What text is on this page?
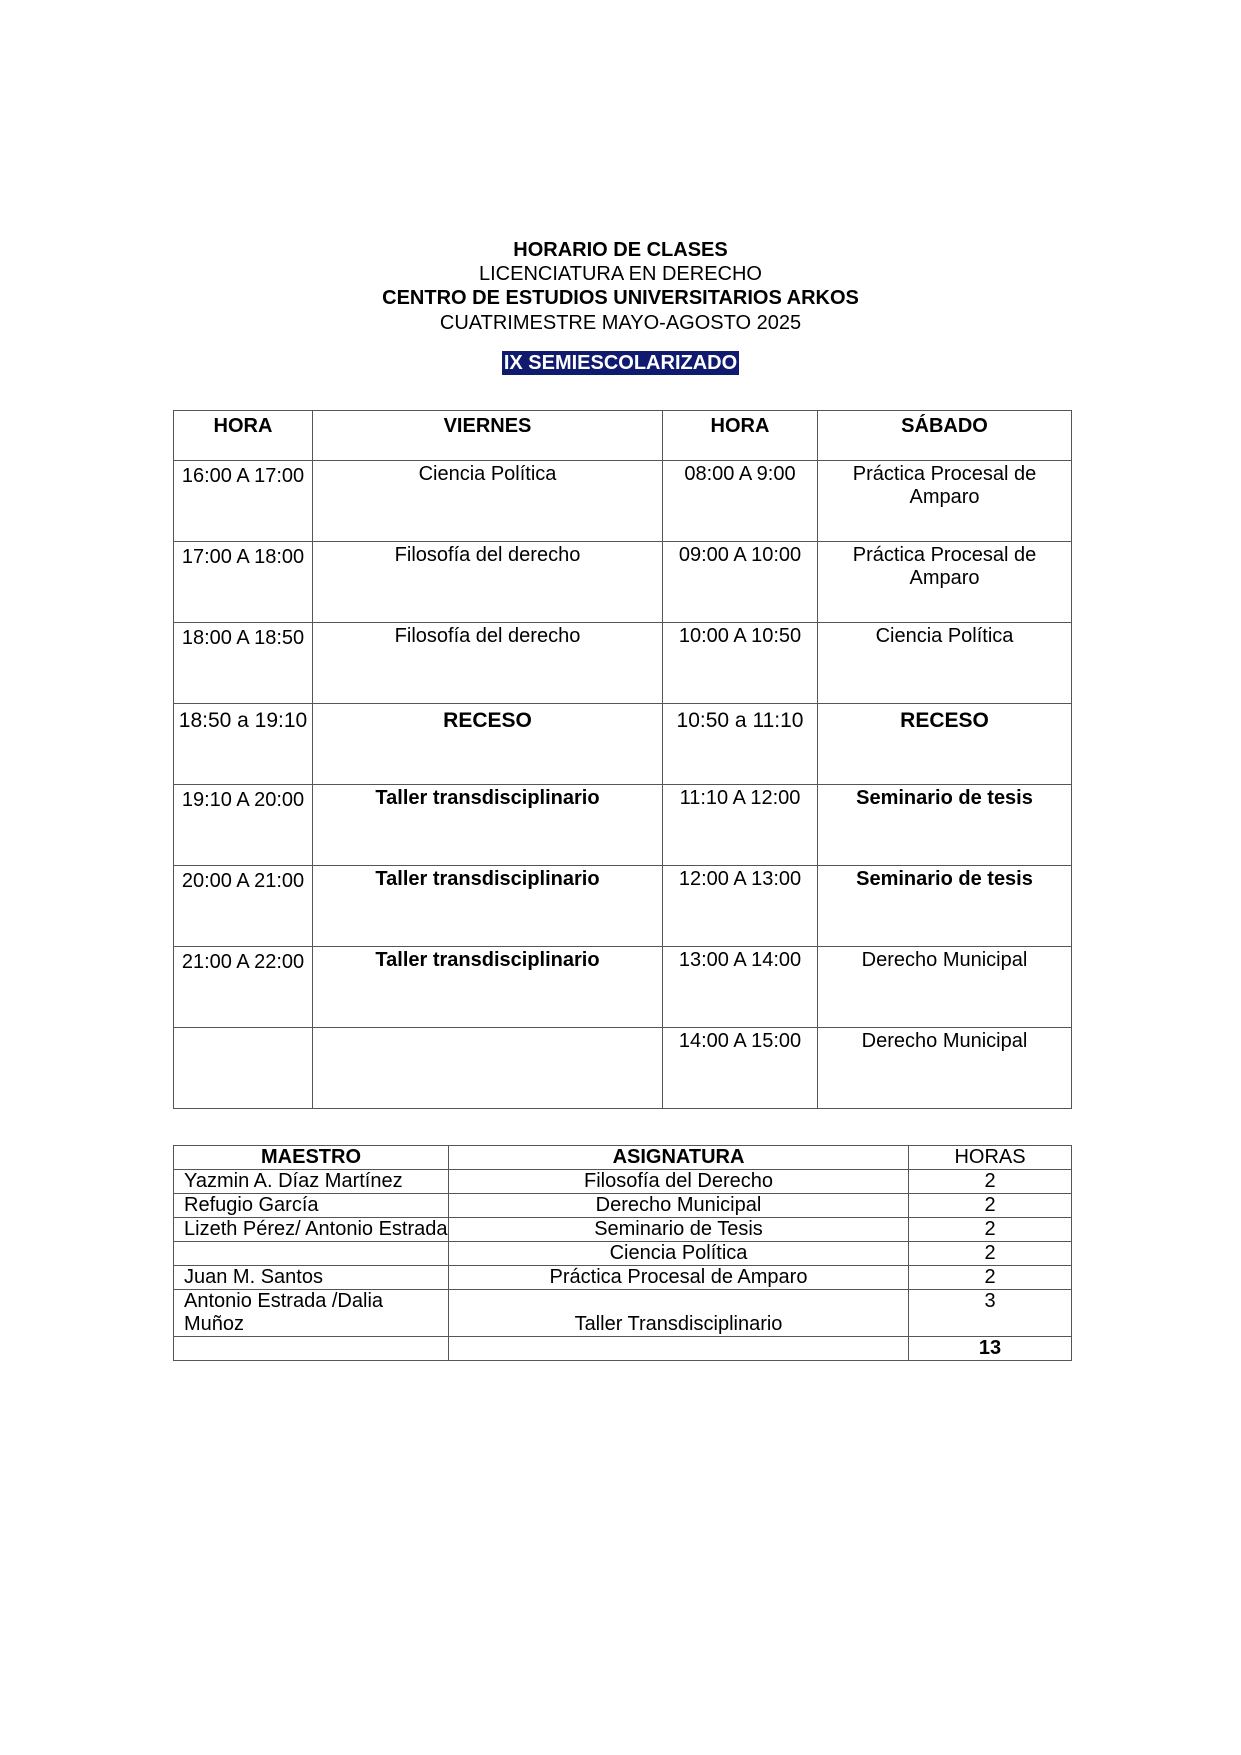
HORARIO DE CLASES
LICENCIATURA EN DERECHO
CENTRO DE ESTUDIOS UNIVERSITARIOS ARKOS
CUATRIMESTRE MAYO-AGOSTO 2025
IX SEMIESCOLARIZADO
HORA	VIERNES	HORA	SÁBADO
16:00 A 17:00	Ciencia Política	08:00 A 9:00	Práctica Procesal de Amparo
17:00 A 18:00	Filosofía del derecho	09:00 A 10:00	Práctica Procesal de Amparo
18:00 A 18:50	Filosofía del derecho	10:00 A 10:50	Ciencia Política
18:50 a 19:10	RECESO	10:50 a 11:10	RECESO
19:10 A 20:00	Taller transdisciplinario	11:10 A 12:00	Seminario de tesis
20:00 A 21:00	Taller transdisciplinario	12:00 A 13:00	Seminario de tesis
21:00 A 22:00	Taller transdisciplinario	13:00 A 14:00	Derecho Municipal
		14:00 A 15:00	Derecho Municipal
MAESTRO	ASIGNATURA	HORAS
Yazmin A. Díaz Martínez	Filosofía del Derecho	2
Refugio García	Derecho Municipal	2
Lizeth Pérez/ Antonio Estrada	Seminario de Tesis	2
	Ciencia Política	2
Juan M. Santos	Práctica Procesal de Amparo	2
Antonio Estrada /Dalia Muñoz	Taller Transdisciplinario	3
		13
